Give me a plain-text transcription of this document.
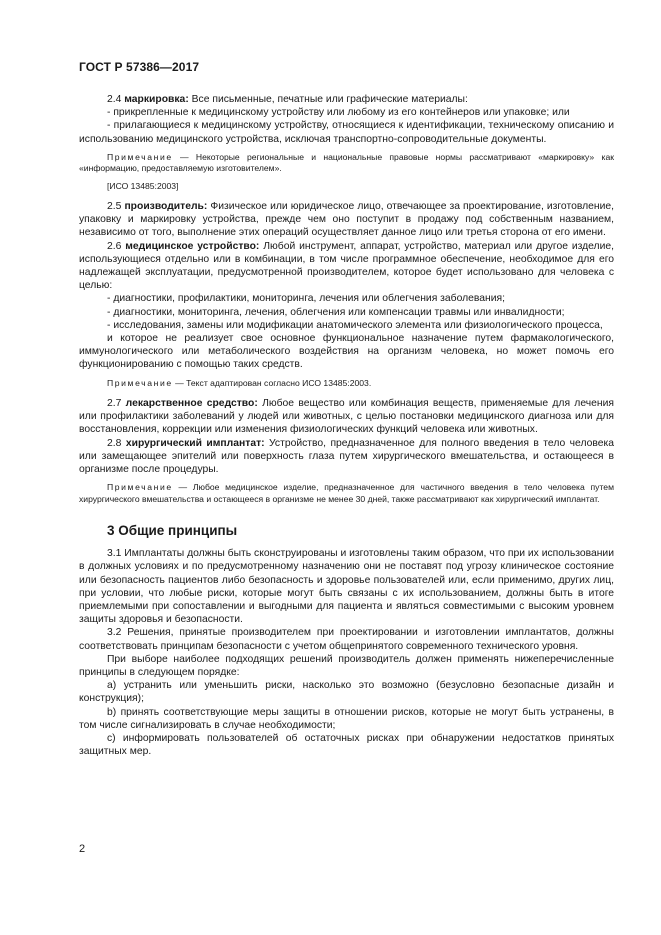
ГОСТ Р 57386—2017

2.4 маркировка: Все письменные, печатные или графические материалы:

- прикрепленные к медицинскому устройству или любому из его контейнеров или упаковке; или

- прилагающиеся к медицинскому устройству, относящиеся к идентификации, техническому описанию и использованию медицинского устройства, исключая транспортно-сопроводительные документы.

Примечание — Некоторые региональные и национальные правовые нормы рассматривают «маркировку» как «информацию, предоставляемую изготовителем».

[ИСО 13485:2003]

2.5 производитель: Физическое или юридическое лицо, отвечающее за проектирование, изготовление, упаковку и маркировку устройства, прежде чем оно поступит в продажу под собственным названием, независимо от того, выполнение этих операций осуществляет данное лицо или третья сторона от его имени.

2.6 медицинское устройство: Любой инструмент, аппарат, устройство, материал или другое изделие, использующиеся отдельно или в комбинации, в том числе программное обеспечение, необходимое для его надлежащей эксплуатации, предусмотренной производителем, которое будет использовано для человека с целью:

- диагностики, профилактики, мониторинга, лечения или облегчения заболевания;

- диагностики, мониторинга, лечения, облегчения или компенсации травмы или инвалидности;

- исследования, замены или модификации анатомического элемента или физиологического процесса,

и которое не реализует свое основное функциональное назначение путем фармакологического, иммунологического или метаболического воздействия на организм человека, но может помочь его функционированию с помощью таких средств.

Примечание — Текст адаптирован согласно ИСО 13485:2003.

2.7 лекарственное средство: Любое вещество или комбинация веществ, применяемые для лечения или профилактики заболеваний у людей или животных, с целью постановки медицинского диагноза или для восстановления, коррекции или изменения физиологических функций человека или животных.

2.8 хирургический имплантат: Устройство, предназначенное для полного введения в тело человека или замещающее эпителий или поверхность глаза путем хирургического вмешательства, и остающееся в организме после процедуры.

Примечание — Любое медицинское изделие, предназначенное для частичного введения в тело человека путем хирургического вмешательства и остающееся в организме не менее 30 дней, также рассматривают как хирургический имплантат.

3 Общие принципы

3.1 Имплантаты должны быть сконструированы и изготовлены таким образом, что при их использовании в должных условиях и по предусмотренному назначению они не поставят под угрозу клиническое состояние или безопасность пациентов либо безопасность и здоровье пользователей или, если применимо, других лиц, при условии, что любые риски, которые могут быть связаны с их использованием, должны быть в итоге приемлемыми при сопоставлении и выгодными для пациента и являться совместимыми с высоким уровнем защиты здоровья и безопасности.

3.2 Решения, принятые производителем при проектировании и изготовлении имплантатов, должны соответствовать принципам безопасности с учетом общепринятого современного технического уровня.

При выборе наиболее подходящих решений производитель должен применять нижеперечисленные принципы в следующем порядке:

а) устранить или уменьшить риски, насколько это возможно (безусловно безопасные дизайн и конструкция);

b) принять соответствующие меры защиты в отношении рисков, которые не могут быть устранены, в том числе сигнализировать в случае необходимости;

с) информировать пользователей об остаточных рисках при обнаружении недостатков принятых защитных мер.

2
